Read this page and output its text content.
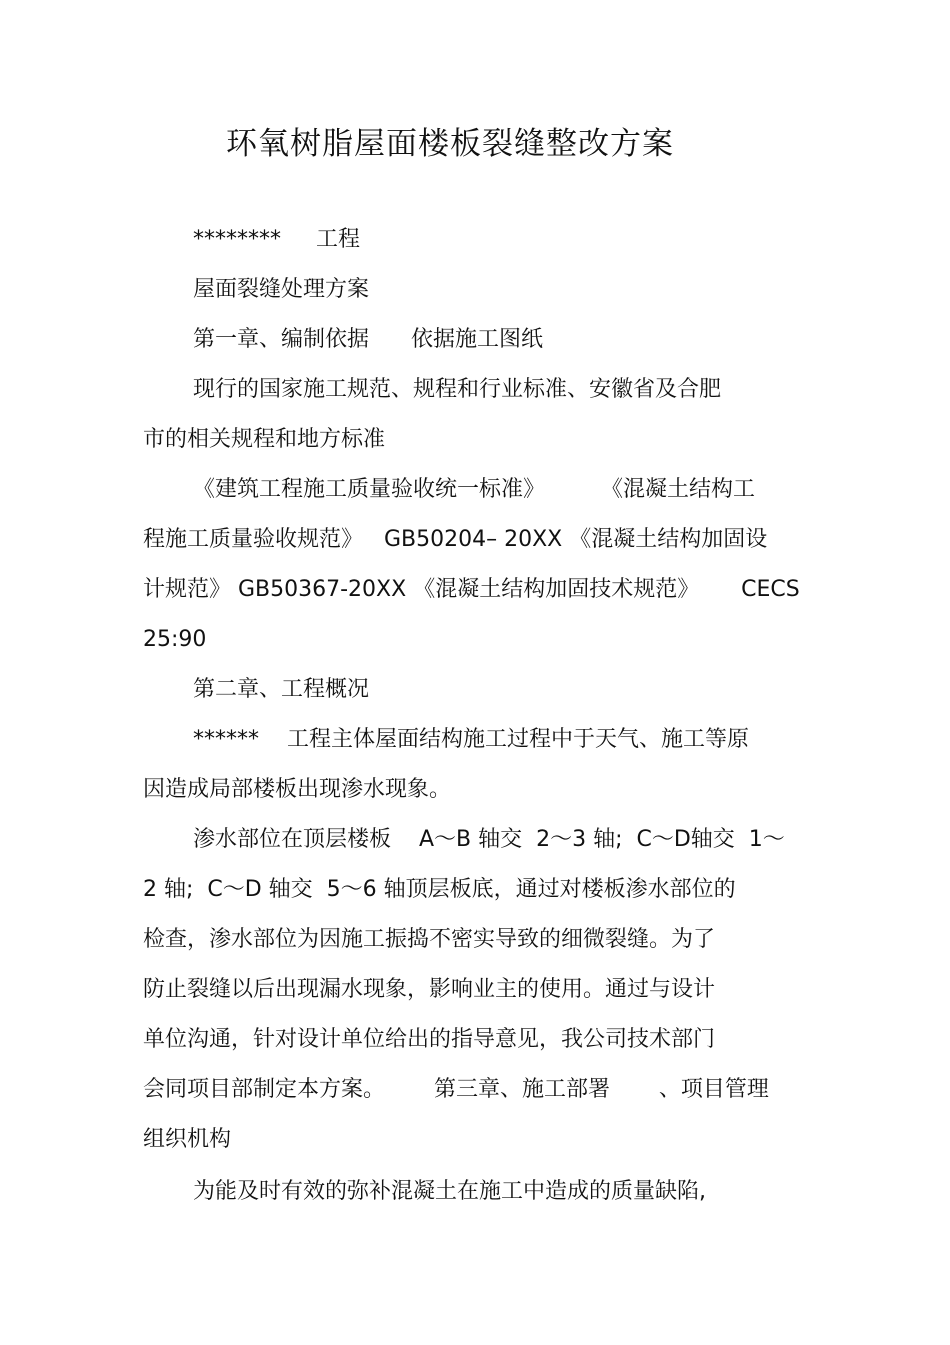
环氧树脂屋面楼板裂缝整改方案
********     工程
屋面裂缝处理方案
第一章、编制依据      依据施工图纸
现行的国家施工规范、规程和行业标准、安徽省及合肥
市的相关规程和地方标准
《建筑工程施工质量验收统一标准》        《混凝土结构工
程施工质量验收规范》   GB50204– 20XX 《混凝土结构加固设
计规范》 GB50367-20XX 《混凝土结构加固技术规范》      CECS
25:90
第二章、工程概况
******    工程主体屋面结构施工过程中于天气、施工等原
因造成局部楼板出现渗水现象。
渗水部位在顶层楼板    A～B 轴交  2～3 轴;  C～D轴交  1～
2 轴;  C～D 轴交  5～6 轴顶层板底，通过对楼板渗水部位的
检查，渗水部位为因施工振捣不密实导致的细微裂缝。为了
防止裂缝以后出现漏水现象，影响业主的使用。通过与设计
单位沟通，针对设计单位给出的指导意见，我公司技术部门
会同项目部制定本方案。       第三章、施工部署       、项目管理
组织机构
为能及时有效的弥补混凝土在施工中造成的质量缺陷,
